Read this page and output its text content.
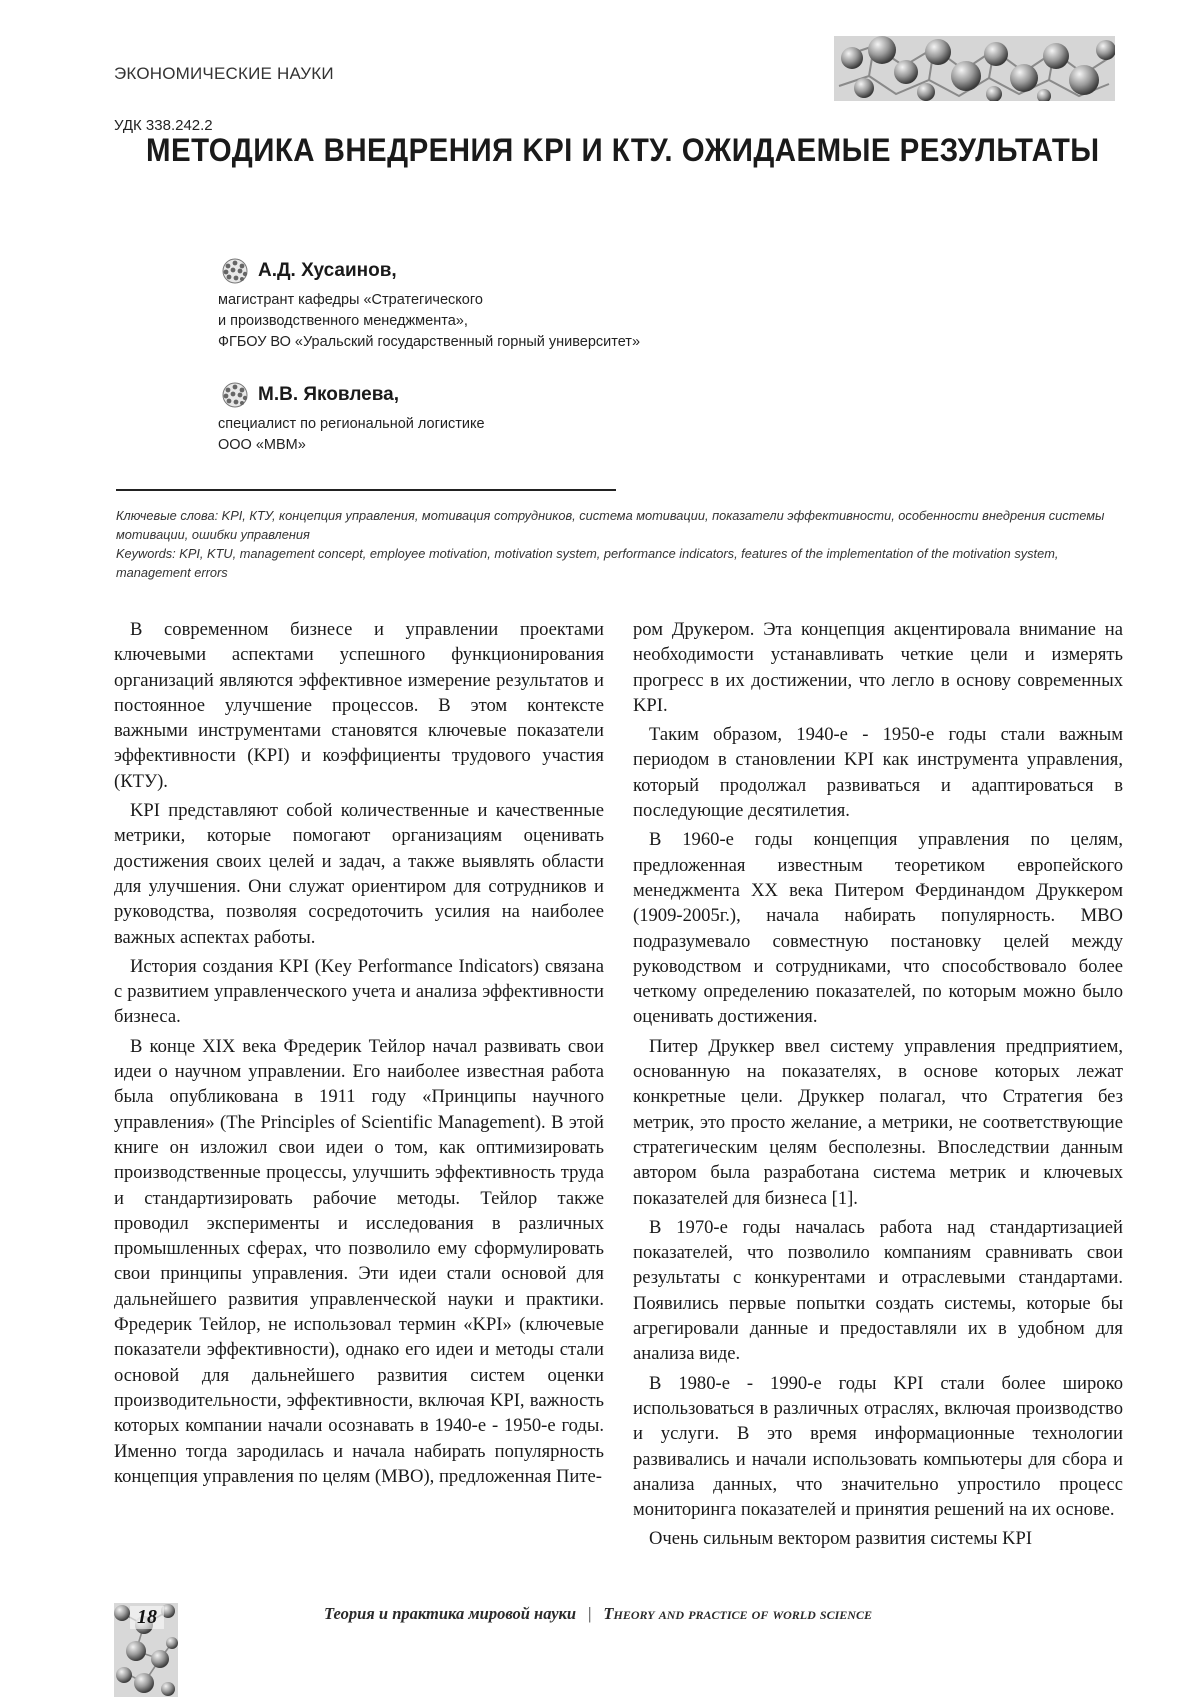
ЭКОНОМИЧЕСКИЕ НАУКИ
УДК 338.242.2
МЕТОДИКА ВНЕДРЕНИЯ KPI И КТУ. ОЖИДАЕМЫЕ РЕЗУЛЬТАТЫ
А.Д. Хусаинов,
магистрант кафедры «Стратегического
и производственного менеджмента»,
ФГБОУ ВО «Уральский государственный горный университет»
М.В. Яковлева,
специалист по региональной логистике
ООО «МВМ»
Ключевые слова: KPI, КТУ, концепция управления, мотивация сотрудников, система мотивации, показатели эффективности, особенности внедрения системы мотивации, ошибки управления
Keywords: KPI, KTU, management concept, employee motivation, motivation system, performance indicators, features of the implementation of the motivation system, management errors

В современном бизнесе и управлении проектами ключевыми аспектами успешного функционирования организаций являются эффективное измерение результатов и постоянное улучшение процессов. В этом контексте важными инструментами становятся ключевые показатели эффективности (KPI) и коэффициенты трудового участия (КТУ).

KPI представляют собой количественные и качественные метрики, которые помогают организациям оценивать достижения своих целей и задач, а также выявлять области для улучшения. Они служат ориентиром для сотрудников и руководства, позволяя сосредоточить усилия на наиболее важных аспектах работы.

История создания KPI (Key Performance Indicators) связана с развитием управленческого учета и анализа эффективности бизнеса.

В конце XIX века Фредерик Тейлор начал развивать свои идеи о научном управлении. Его наиболее известная работа была опубликована в 1911 году «Принципы научного управления» (The Principles of Scientific Management). В этой книге он изложил свои идеи о том, как оптимизировать производственные процессы, улучшить эффективность труда и стандартизировать рабочие методы. Тейлор также проводил эксперименты и исследования в различных промышленных сферах, что позволило ему сформулировать свои принципы управления. Эти идеи стали основой для дальнейшего развития управленческой науки и практики. Фредерик Тейлор, не использовал термин «KPI» (ключевые показатели эффективности), однако его идеи и методы стали основой для дальнейшего развития систем оценки производительности, эффективности, включая KPI, важность которых компании начали осознавать в 1940-е - 1950-е годы. Именно тогда зародилась и начала набирать популярность концепция управления по целям (МВО), предложенная Пите-

ром Друкером. Эта концепция акцентировала внимание на необходимости устанавливать четкие цели и измерять прогресс в их достижении, что легло в основу современных KPI.

Таким образом, 1940-е - 1950-е годы стали важным периодом в становлении KPI как инструмента управления, который продолжал развиваться и адаптироваться в последующие десятилетия.

В 1960-е годы концепция управления по целям, предложенная известным теоретиком европейского менеджмента XX века Питером Фердинандом Друккером (1909-2005г.), начала набирать популярность. МВО подразумевало совместную постановку целей между руководством и сотрудниками, что способствовало более четкому определению показателей, по которым можно было оценивать достижения.

Питер Друккер ввел систему управления предприятием, основанную на показателях, в основе которых лежат конкретные цели. Друккер полагал, что Стратегия без метрик, это просто желание, а метрики, не соответствующие стратегическим целям бесполезны. Впоследствии данным автором была разработана система метрик и ключевых показателей для бизнеса [1].

В 1970-е годы началась работа над стандартизацией показателей, что позволило компаниям сравнивать свои результаты с конкурентами и отраслевыми стандартами. Появились первые попытки создать системы, которые бы агрегировали данные и предоставляли их в удобном для анализа виде.

В 1980-е - 1990-е годы KPI стали более широко использоваться в различных отраслях, включая производство и услуги. В это время информационные технологии развивались и начали использовать компьютеры для сбора и анализа данных, что значительно упростило процесс мониторинга показателей и принятия решений на их основе.

Очень сильным вектором развития системы KPI

18	Теория и практика мировой науки | Theory and practice of world science
